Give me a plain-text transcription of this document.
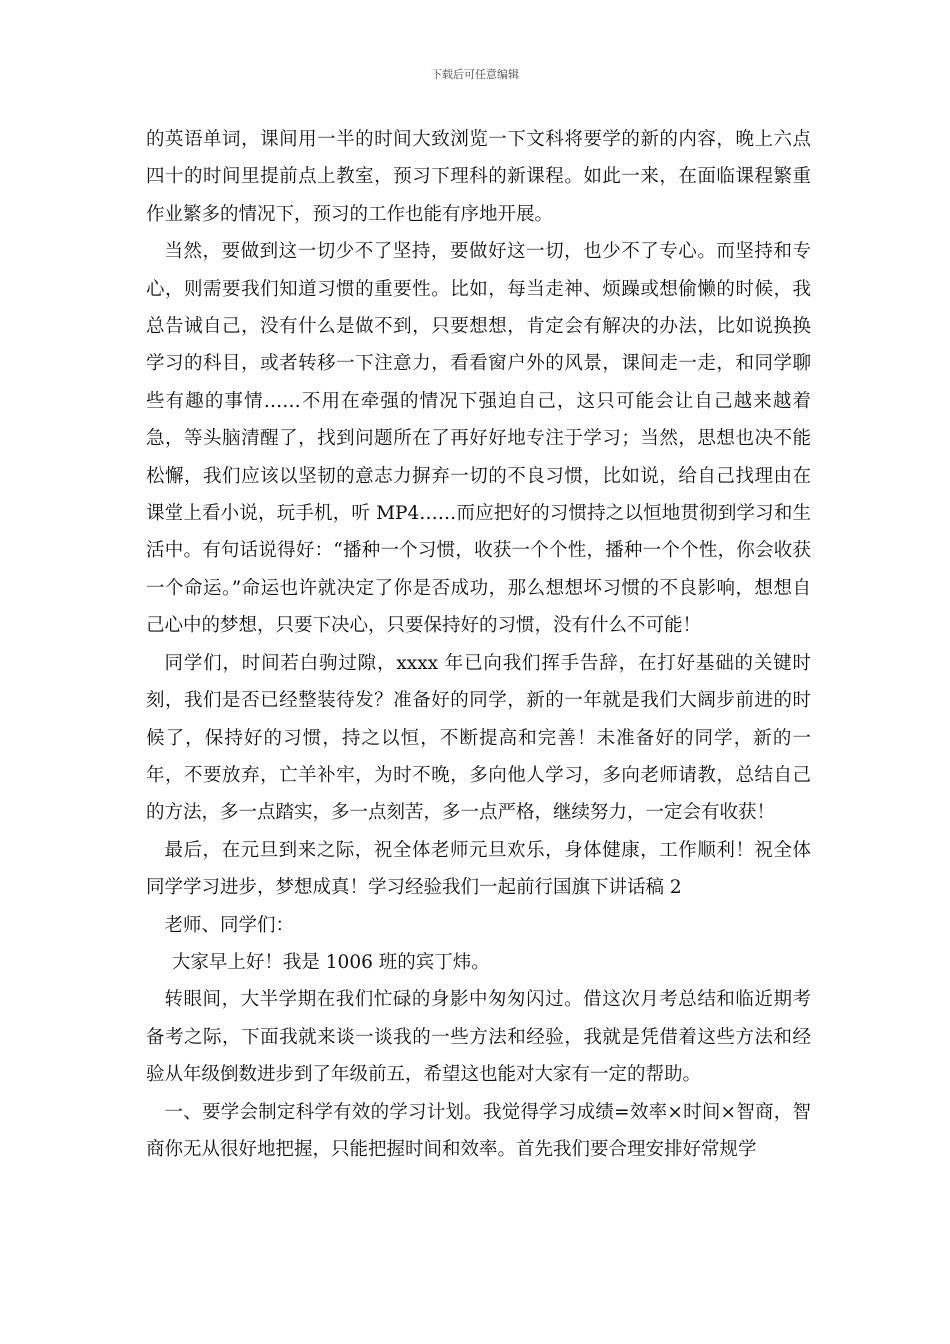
下载后可任意编辑

的英语单词，课间用一半的时间大致浏览一下文科将要学的新的内容，晚上六点四十的时间里提前点上教室，预习下理科的新课程。如此一来，在面临课程繁重作业繁多的情况下，预习的工作也能有序地开展。

当然，要做到这一切少不了坚持，要做好这一切，也少不了专心。而坚持和专心，则需要我们知道习惯的重要性。比如，每当走神、烦躁或想偷懒的时候，我总告诫自己，没有什么是做不到，只要想想，肯定会有解决的办法，比如说换换学习的科目，或者转移一下注意力，看看窗户外的风景，课间走一走，和同学聊些有趣的事情……不用在牵强的情况下强迫自己，这只可能会让自己越来越着急，等头脑清醒了，找到问题所在了再好好地专注于学习；当然，思想也决不能松懈，我们应该以坚韧的意志力摒弃一切的不良习惯，比如说，给自己找理由在课堂上看小说，玩手机，听 MP4……而应把好的习惯持之以恒地贯彻到学习和生活中。有句话说得好：“播种一个习惯，收获一个个性，播种一个个性，你会收获一个命运。”命运也许就决定了你是否成功，那么想想坏习惯的不良影响，想想自己心中的梦想，只要下决心，只要保持好的习惯，没有什么不可能！

同学们，时间若白驹过隙，xxxx 年已向我们挥手告辞，在打好基础的关键时刻，我们是否已经整装待发？准备好的同学，新的一年就是我们大阔步前进的时候了，保持好的习惯，持之以恒，不断提高和完善！未准备好的同学，新的一年，不要放弃，亡羊补牢，为时不晚，多向他人学习，多向老师请教，总结自己的方法，多一点踏实，多一点刻苦，多一点严格，继续努力，一定会有收获！

最后，在元旦到来之际，祝全体老师元旦欢乐，身体健康，工作顺利！祝全体同学学习进步，梦想成真！学习经验我们一起前行国旗下讲话稿 2

老师、同学们：

大家早上好！我是 1006 班的宾丁炜。

转眼间，大半学期在我们忙碌的身影中匆匆闪过。借这次月考总结和临近期考备考之际，下面我就来谈一谈我的一些方法和经验，我就是凭借着这些方法和经验从年级倒数进步到了年级前五，希望这也能对大家有一定的帮助。

一、要学会制定科学有效的学习计划。我觉得学习成绩=效率×时间×智商，智商你无从很好地把握，只能把握时间和效率。首先我们要合理安排好常规学
